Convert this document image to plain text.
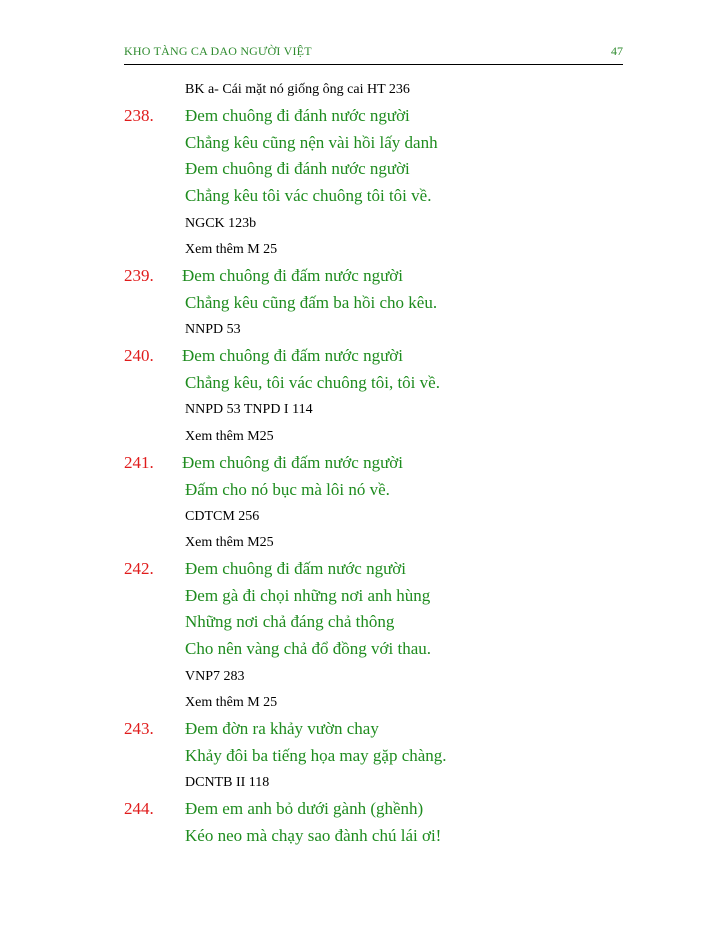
KHO TÀNG CA DAO NGƯỜI VIỆT	47
BK a- Cái mặt nó giống ông cai HT 236
238. Đem chuông đi đánh nước người
Chẳng kêu cũng nện vài hồi lấy danh
Đem chuông đi đánh nước người
Chẳng kêu tôi vác chuông tôi tôi về.
NGCK 123b
Xem thêm M 25
239. Đem chuông đi đấm nước người
Chẳng kêu cũng đấm ba hồi cho kêu.
NNPD 53
240. Đem chuông đi đấm nước người
Chẳng kêu, tôi vác chuông tôi, tôi về.
NNPD 53 TNPD I 114
Xem thêm M25
241. Đem chuông đi đấm nước người
Đấm cho nó bục mà lôi nó về.
CDTCM 256
Xem thêm M25
242. Đem chuông đi đấm nước người
Đem gà đi chọi những nơi anh hùng
Những nơi chả đáng chả thông
Cho nên vàng chả đổ đồng với thau.
VNP7 283
Xem thêm M 25
243. Đem đờn ra khảy vườn chay
Khảy đôi ba tiếng họa may gặp chàng.
DCNTB II 118
244. Đem em anh bỏ dưới gành (ghềnh)
Kéo neo mà chạy sao đành chú lái ơi!
